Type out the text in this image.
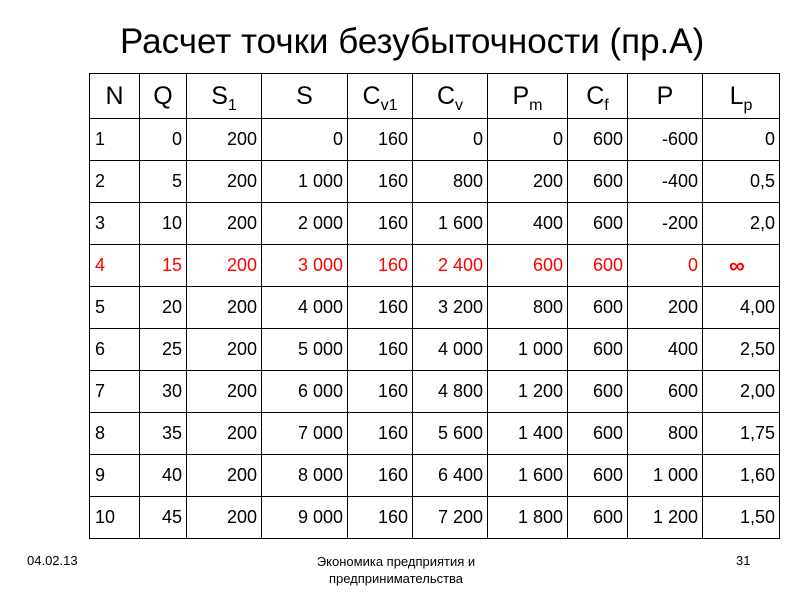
Расчет точки безубыточности (пр.А)
N	Q	$S_1$	S	$C_{v1}$	$C_v$	$P_m$	$C_f$	P	$L_p$
1	0	200	0	160	0	0	600	-600	0
2	5	200	1 000	160	800	200	600	-400	0,5
3	10	200	2 000	160	1 600	400	600	-200	2,0
4	15	200	3 000	160	2 400	600	600	0	∞
5	20	200	4 000	160	3 200	800	600	200	4,00
6	25	200	5 000	160	4 000	1 000	600	400	2,50
7	30	200	6 000	160	4 800	1 200	600	600	2,00
8	35	200	7 000	160	5 600	1 400	600	800	1,75
9	40	200	8 000	160	6 400	1 600	600	1 000	1,60
10	45	200	9 000	160	7 200	1 800	600	1 200	1,50
04.02.13	Экономика предприятия и предпринимательства
31
